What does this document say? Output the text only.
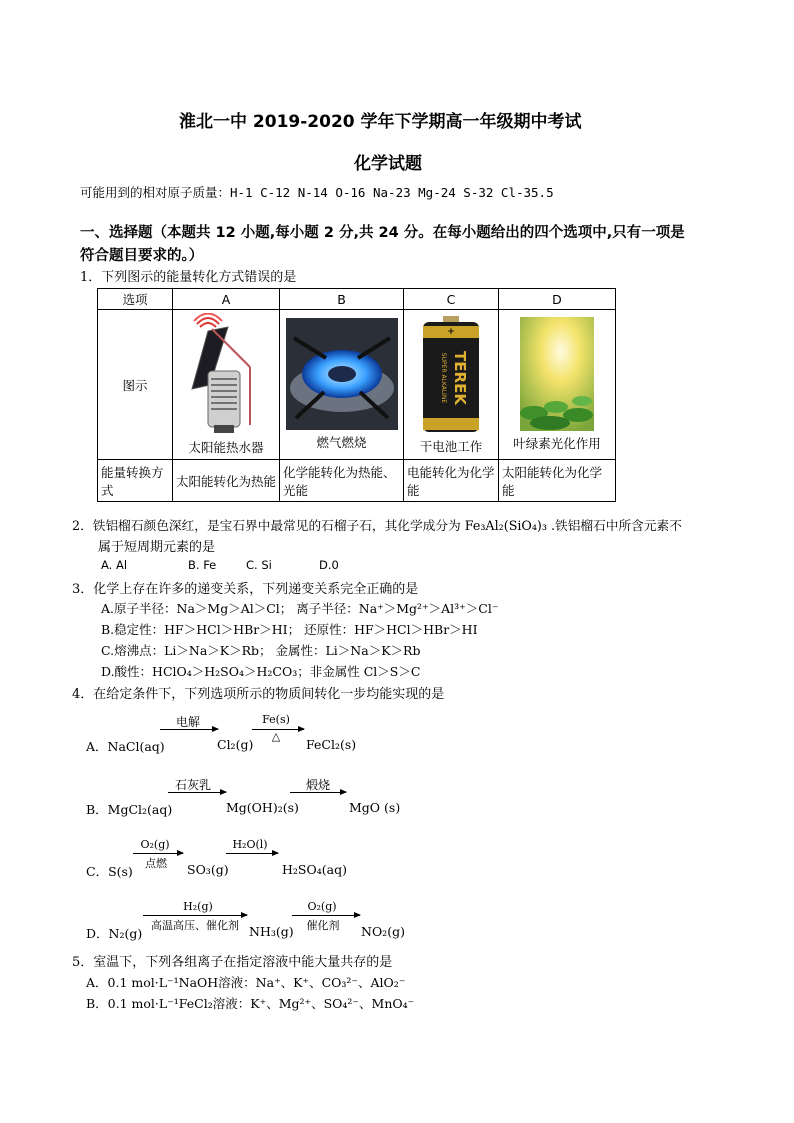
淮北一中 2019-2020 学年下学期高一年级期中考试
化学试题
可能用到的相对原子质量：H-1 C-12 N-14 O-16 Na-23 Mg-24 S-32 Cl-35.5
一、选择题（本题共 12 小题,每小题 2 分,共 24 分。在每小题给出的四个选项中,只有一项是
符合题目要求的。）
1．下列图示的能量转化方式错误的是
选项	A	B	C	D
图示	太阳能热水器	燃气燃烧	+
TEREK
SUPER ALKALINE
干电池工作	叶绿素光化作用

能量转换方式	太阳能转化为热能	化学能转化为热能、光能	电能转化为化学能	太阳能转化为化学能
2．铁铝榴石颜色深红，是宝石界中最常见的石榴子石，其化学成分为 Fe₃Al₂(SiO₄)₃ .铁铝榴石中所含元素不
属于短周期元素的是
A. Al	B. Fe	C. Si	D.0
3．化学上存在许多的递变关系，下列递变关系完全正确的是
A.原子半径：Na＞Mg＞Al＞Cl； 离子半径：Na⁺＞Mg²⁺＞Al³⁺＞Cl⁻
B.稳定性：HF＞HCl＞HBr＞HI； 还原性：HF＞HCl＞HBr＞HI
C.熔沸点：Li＞Na＞K＞Rb； 金属性：Li＞Na＞K＞Rb
D.酸性：HClO₄＞H₂SO₄＞H₂CO₃；非金属性 Cl＞S＞C
4．在给定条件下，下列选项所示的物质间转化一步均能实现的是
电解
A．NaCl(aq)	Cl₂(g)
Fe(s)
△
FeCl₂(s)
石灰乳
B．MgCl₂(aq)	Mg(OH)₂(s)
煅烧
MgO (s)
O₂(g)
点燃
C．S(s)	SO₃(g)
H₂O(l)
H₂SO₄(aq)
H₂(g)
高温高压、催化剂
D．N₂(g)	NH₃(g)
O₂(g)
催化剂	NO₂(g)
5．室温下，下列各组离子在指定溶液中能大量共存的是
A．0.1 mol·L⁻¹NaOH溶液：Na⁺、K⁺、CO₃²⁻、AlO₂⁻
B．0.1 mol·L⁻¹FeCl₂溶液：K⁺、Mg²⁺、SO₄²⁻、MnO₄⁻
